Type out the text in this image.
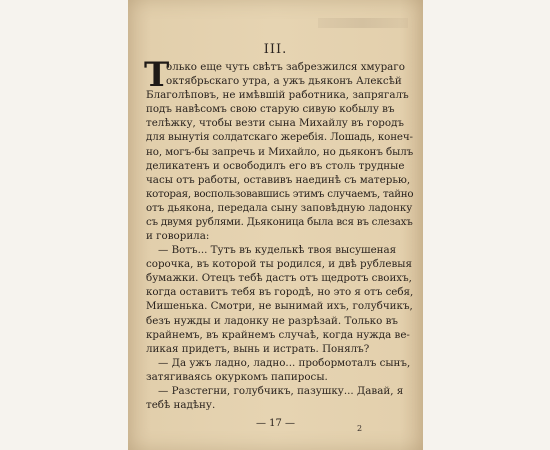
III.
Т
олько еще чуть свѣтъ забрезжился хмураго
октябрьскаго утра, а ужъ дьяконъ Алексѣй
Благолѣповъ, не имѣвшій работника, запрягалъ
подъ навѣсомъ свою старую сивую кобылу въ
телѣжку, чтобы везти сына Михайлу въ городъ
для вынутія солдатскаго жеребія. Лошадь, конеч-
но, могъ-бы запречь и Михайло, но дьяконъ былъ
деликатенъ и освободилъ его въ столь трудные
часы отъ работы, оставивъ наединѣ съ матерью,
которая, воспользовавшись этимъ случаемъ, тайно
отъ дьякона, передала сыну заповѣдную ладонку
съ двумя рублями. Дьяконица была вся въ слезахъ
и говорила:
— Вотъ... Тутъ въ куделькѣ твоя высушеная
сорочка, въ которой ты родился, и двѣ рублевыя
бумажки. Отецъ тебѣ дастъ отъ щедротъ своихъ,
когда оставитъ тебя въ городѣ, но это я отъ себя,
Мишенька. Смотри, не вынимай ихъ, голубчикъ,
безъ нужды и ладонку не разрѣзай. Только въ
крайнемъ, въ крайнемъ случаѣ, когда нужда ве-
ликая придетъ, вынь и истрать. Понялъ?
— Да ужъ ладно, ладно... пробормоталъ сынъ,
затягиваясь окуркомъ папиросы.
— Разстегни, голубчикъ, пазушку... Давай, я
тебѣ надѣну.
— 17 —	2
